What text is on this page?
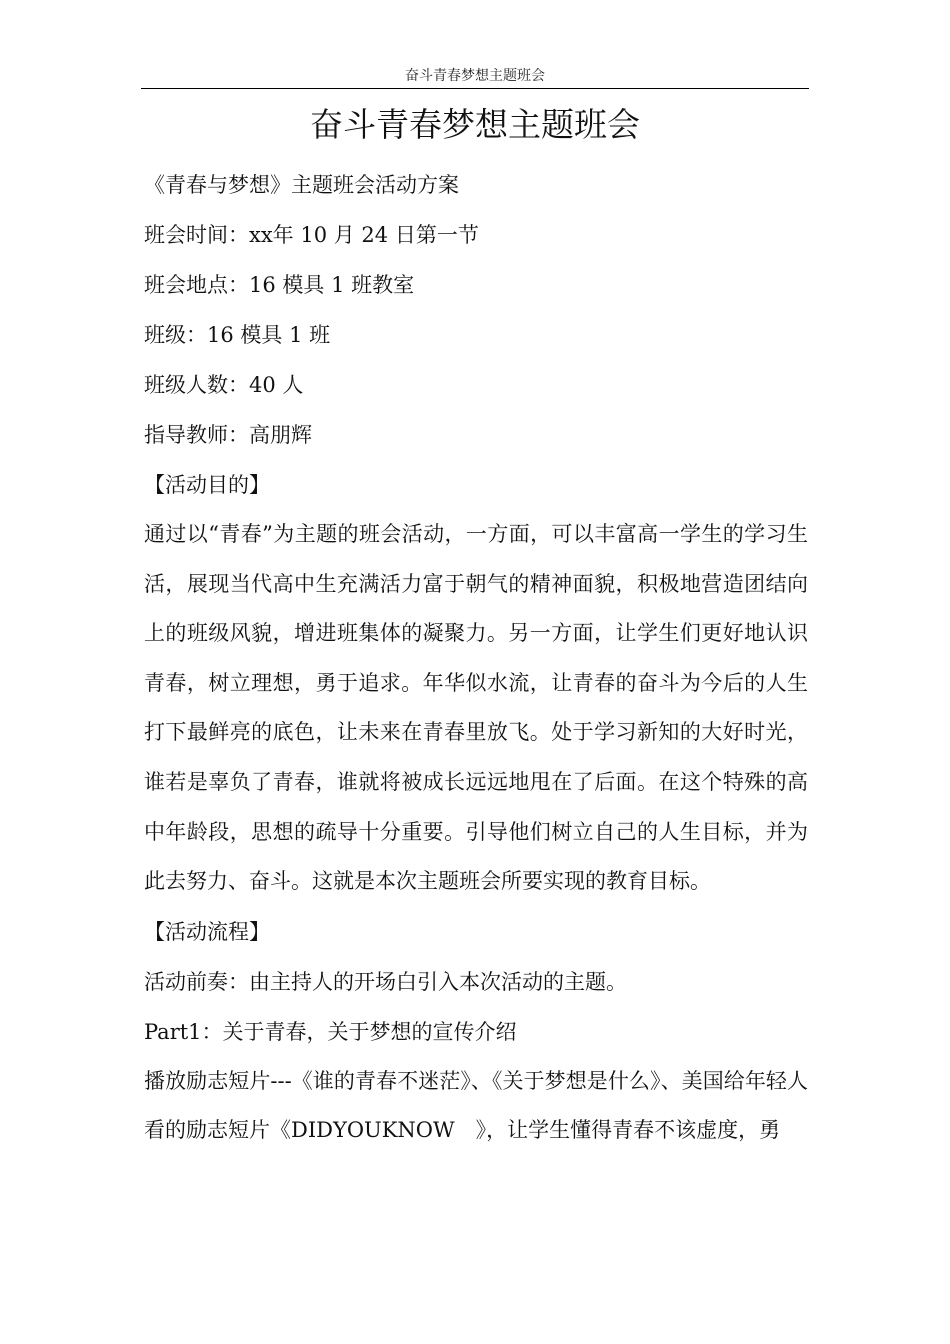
奋斗青春梦想主题班会
奋斗青春梦想主题班会
《青春与梦想》主题班会活动方案
班会时间：xx年 10 月 24 日第一节
班会地点：16 模具 1 班教室
班级：16 模具 1 班
班级人数：40 人
指导教师：高朋辉
【活动目的】

通过以“青春”为主题的班会活动，一方面，可以丰富高一学生的学习生活，展现当代高中生充满活力富于朝气的精神面貌，积极地营造团结向上的班级风貌，增进班集体的凝聚力。另一方面，让学生们更好地认识青春，树立理想，勇于追求。年华似水流，让青春的奋斗为今后的人生打下最鲜亮的底色，让未来在青春里放飞。处于学习新知的大好时光，谁若是辜负了青春，谁就将被成长远远地甩在了后面。在这个特殊的高中年龄段，思想的疏导十分重要。引导他们树立自己的人生目标，并为此去努力、奋斗。这就是本次主题班会所要实现的教育目标。

【活动流程】
活动前奏：由主持人的开场白引入本次活动的主题。
Part1：关于青春，关于梦想的宣传介绍

播放励志短片---《谁的青春不迷茫》、《关于梦想是什么》、美国给年轻人看的励志短片《DIDYOUKNOW　》，让学生懂得青春不该虚度，勇
